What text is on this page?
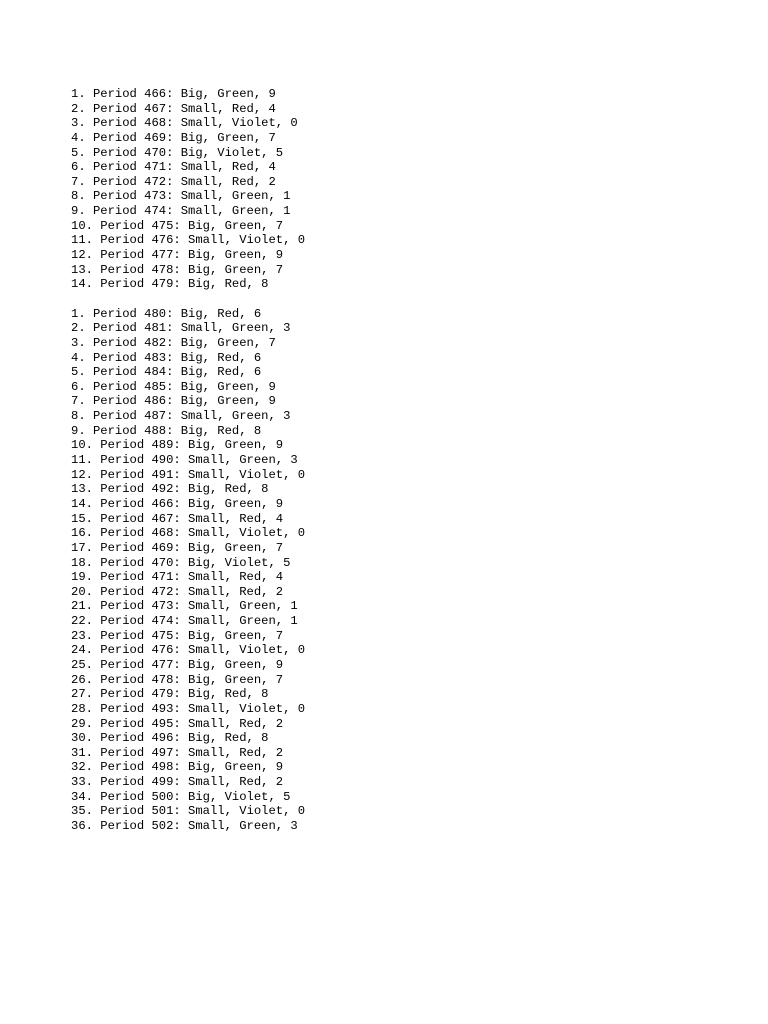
1. Period 466: Big, Green, 9
2. Period 467: Small, Red, 4
3. Period 468: Small, Violet, 0
4. Period 469: Big, Green, 7
5. Period 470: Big, Violet, 5
6. Period 471: Small, Red, 4
7. Period 472: Small, Red, 2
8. Period 473: Small, Green, 1
9. Period 474: Small, Green, 1
10. Period 475: Big, Green, 7
11. Period 476: Small, Violet, 0
12. Period 477: Big, Green, 9
13. Period 478: Big, Green, 7
14. Period 479: Big, Red, 8
1. Period 480: Big, Red, 6
2. Period 481: Small, Green, 3
3. Period 482: Big, Green, 7
4. Period 483: Big, Red, 6
5. Period 484: Big, Red, 6
6. Period 485: Big, Green, 9
7. Period 486: Big, Green, 9
8. Period 487: Small, Green, 3
9. Period 488: Big, Red, 8
10. Period 489: Big, Green, 9
11. Period 490: Small, Green, 3
12. Period 491: Small, Violet, 0
13. Period 492: Big, Red, 8
14. Period 466: Big, Green, 9
15. Period 467: Small, Red, 4
16. Period 468: Small, Violet, 0
17. Period 469: Big, Green, 7
18. Period 470: Big, Violet, 5
19. Period 471: Small, Red, 4
20. Period 472: Small, Red, 2
21. Period 473: Small, Green, 1
22. Period 474: Small, Green, 1
23. Period 475: Big, Green, 7
24. Period 476: Small, Violet, 0
25. Period 477: Big, Green, 9
26. Period 478: Big, Green, 7
27. Period 479: Big, Red, 8
28. Period 493: Small, Violet, 0
29. Period 495: Small, Red, 2
30. Period 496: Big, Red, 8
31. Period 497: Small, Red, 2
32. Period 498: Big, Green, 9
33. Period 499: Small, Red, 2
34. Period 500: Big, Violet, 5
35. Period 501: Small, Violet, 0
36. Period 502: Small, Green, 3
